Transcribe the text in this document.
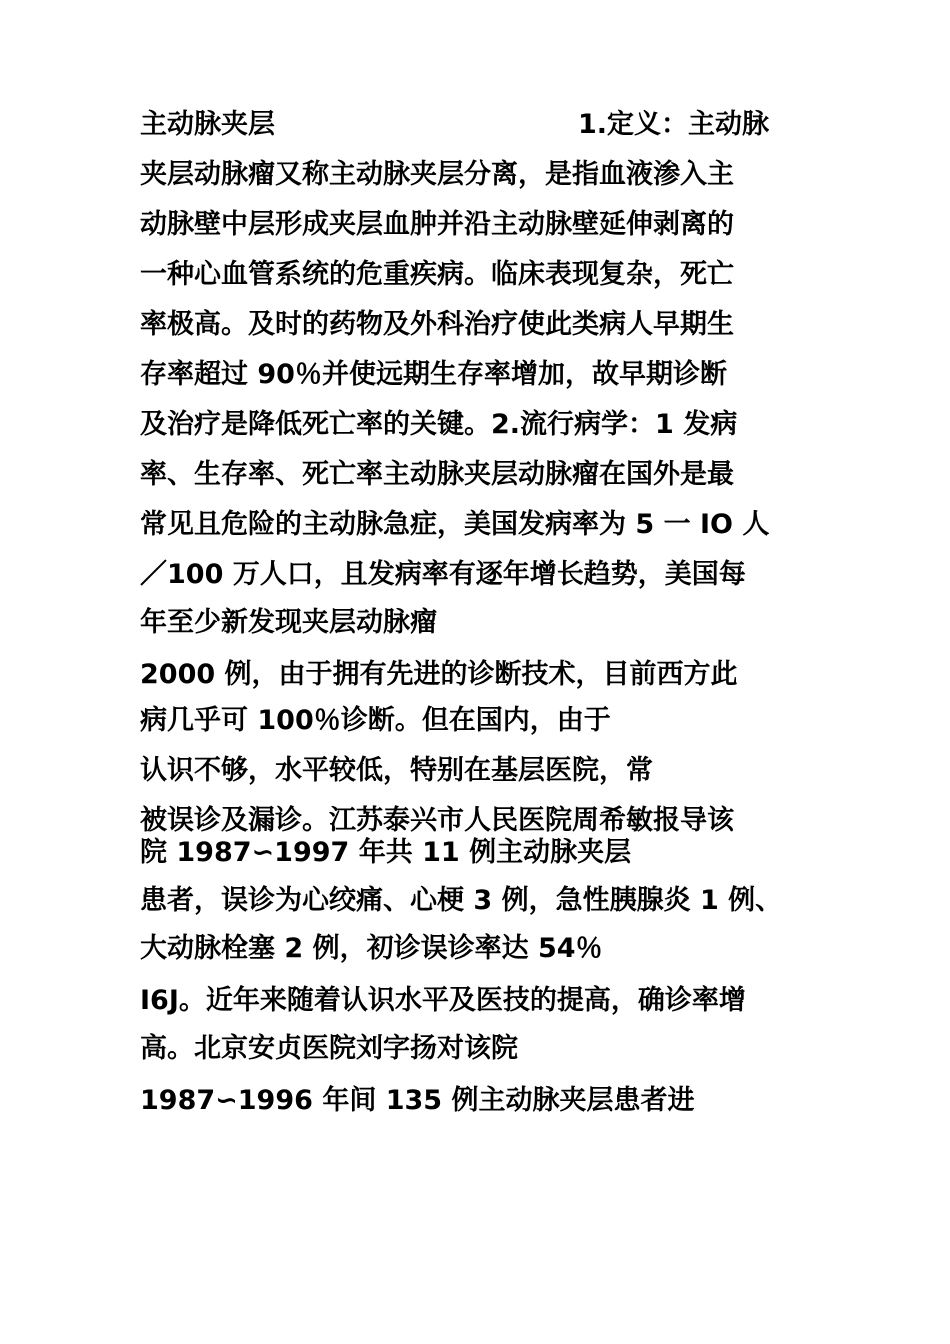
主动脉夹层	1.定义：主动脉
夹层动脉瘤又称主动脉夹层分离，是指血液渗入主
动脉壁中层形成夹层血肿并沿主动脉壁延伸剥离的
一种心血管系统的危重疾病。临床表现复杂，死亡
率极高。及时的药物及外科治疗使此类病人早期生
存率超过 90％并使远期生存率增加，故早期诊断
及治疗是降低死亡率的关键。2.流行病学：1 发病
率、生存率、死亡率主动脉夹层动脉瘤在国外是最
常见且危险的主动脉急症，美国发病率为 5 一 IO 人
／100 万人口，且发病率有逐年增长趋势，美国每
年至少新发现夹层动脉瘤
2000 例，由于拥有先进的诊断技术，目前西方此
病几乎可 100％诊断。但在国内，由于
认识不够，水平较低，特别在基层医院，常
被误诊及漏诊。江苏泰兴市人民医院周希敏报导该
院 1987∽1997 年共 11 例主动脉夹层
患者，误诊为心绞痛、心梗 3 例，急性胰腺炎 1 例、
大动脉栓塞 2 例，初诊误诊率达 54％
I6J。近年来随着认识水平及医技的提高，确诊率增
高。北京安贞医院刘字扬对该院
1987∽1996 年间 135 例主动脉夹层患者进
